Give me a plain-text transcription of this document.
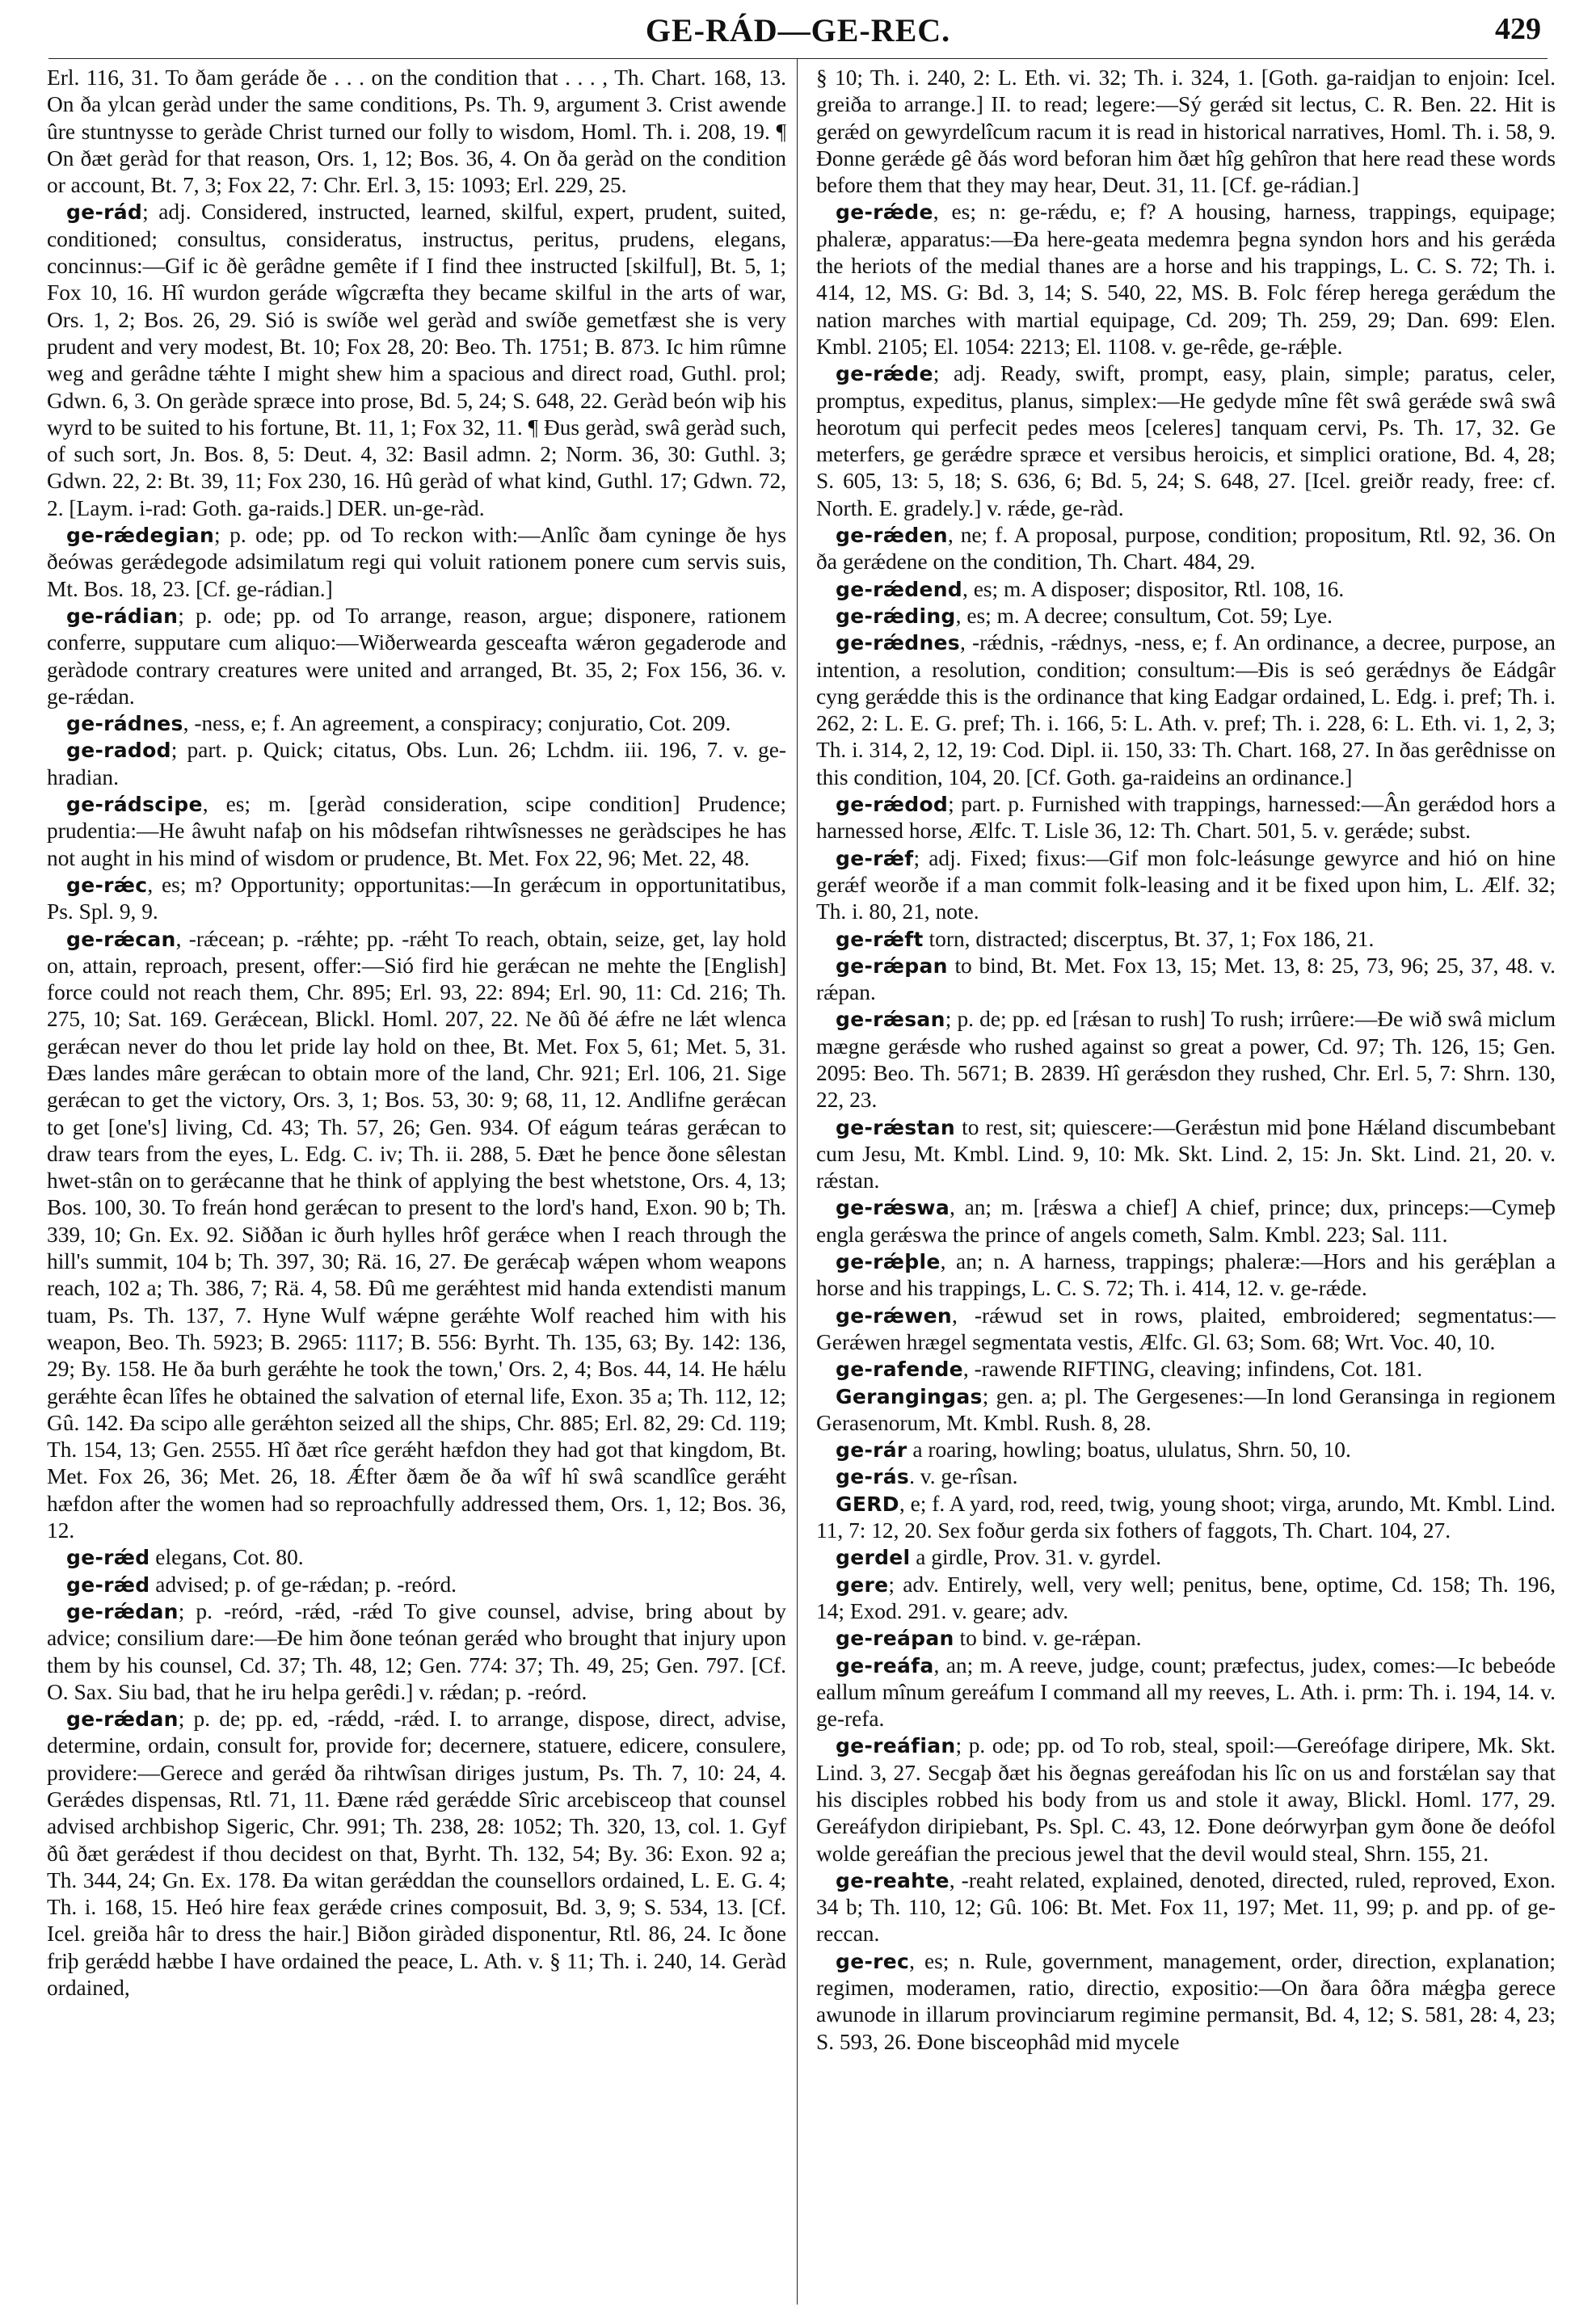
GE-RÁD—GE-REC.	429

Erl. 116, 31. To ðam geráde ðe . . . on the condition that . . . , Th. Chart. 168, 13. On ða ylcan geràd under the same conditions, Ps. Th. 9, argument 3. Crist awende ûre stuntnysse to geràde Christ turned our folly to wisdom, Homl. Th. i. 208, 19. ¶ On ðæt geràd for that reason, Ors. 1, 12; Bos. 36, 4. On ða geràd on the condition or account, Bt. 7, 3; Fox 22, 7: Chr. Erl. 3, 15: 1093; Erl. 229, 25.

ge-rád; adj. Considered, instructed, learned, skilful, expert, prudent, suited, conditioned; consultus, consideratus, instructus, peritus, prudens, elegans, concinnus:—Gif ic ðè gerâdne gemête if I find thee instructed [skilful], Bt. 5, 1; Fox 10, 16. Hî wurdon geráde wîgcræfta they became skilful in the arts of war, Ors. 1, 2; Bos. 26, 29. Sió is swíðe wel geràd and swíðe gemetfæst she is very prudent and very modest, Bt. 10; Fox 28, 20: Beo. Th. 1751; B. 873. Ic him rûmne weg and gerâdne tǽhte I might shew him a spacious and direct road, Guthl. prol; Gdwn. 6, 3. On geràde spræce into prose, Bd. 5, 24; S. 648, 22. Geràd beón wiþ his wyrd to be suited to his fortune, Bt. 11, 1; Fox 32, 11. ¶ Ðus geràd, swâ geràd such, of such sort, Jn. Bos. 8, 5: Deut. 4, 32: Basil admn. 2; Norm. 36, 30: Guthl. 3; Gdwn. 22, 2: Bt. 39, 11; Fox 230, 16. Hû geràd of what kind, Guthl. 17; Gdwn. 72, 2. [Laym. i-rad: Goth. ga-raids.] DER. un-ge-ràd.

ge-rǽdegian; p. ode; pp. od To reckon with:—Anlîc ðam cyninge ðe hys ðeówas gerǽdegode adsimilatum regi qui voluit rationem ponere cum servis suis, Mt. Bos. 18, 23. [Cf. ge-rádian.]

ge-rádian; p. ode; pp. od To arrange, reason, argue; disponere, rationem conferre, supputare cum aliquo:—Wiðerwearda gesceafta wǽron gegaderode and geràdode contrary creatures were united and arranged, Bt. 35, 2; Fox 156, 36. v. ge-rǽdan.

ge-rádnes, -ness, e; f. An agreement, a conspiracy; conjuratio, Cot. 209.

ge-radod; part. p. Quick; citatus, Obs. Lun. 26; Lchdm. iii. 196, 7. v. ge-hradian.

ge-rádscipe, es; m. [geràd consideration, scipe condition] Prudence; prudentia:—He âwuht nafaþ on his môdsefan rihtwîsnesses ne geràdscipes he has not aught in his mind of wisdom or prudence, Bt. Met. Fox 22, 96; Met. 22, 48.

ge-rǽc, es; m? Opportunity; opportunitas:—In gerǽcum in opportunitatibus, Ps. Spl. 9, 9.

ge-rǽcan, -rǽcean; p. -rǽhte; pp. -rǽht To reach, obtain, seize, get, lay hold on, attain, reproach, present, offer:—Sió fird hie gerǽcan ne mehte the [English] force could not reach them, Chr. 895; Erl. 93, 22: 894; Erl. 90, 11: Cd. 216; Th. 275, 10; Sat. 169. Gerǽcean, Blickl. Homl. 207, 22. Ne ðû ðé ǽfre ne lǽt wlenca gerǽcan never do thou let pride lay hold on thee, Bt. Met. Fox 5, 61; Met. 5, 31. Ðæs landes mâre gerǽcan to obtain more of the land, Chr. 921; Erl. 106, 21. Sige gerǽcan to get the victory, Ors. 3, 1; Bos. 53, 30: 9; 68, 11, 12. Andlifne gerǽcan to get [one's] living, Cd. 43; Th. 57, 26; Gen. 934. Of eágum teáras gerǽcan to draw tears from the eyes, L. Edg. C. iv; Th. ii. 288, 5. Ðæt he þence ðone sêlestan hwet-stân on to gerǽcanne that he think of applying the best whetstone, Ors. 4, 13; Bos. 100, 30. To freán hond gerǽcan to present to the lord's hand, Exon. 90 b; Th. 339, 10; Gn. Ex. 92. Siððan ic ðurh hylles hrôf gerǽce when I reach through the hill's summit, 104 b; Th. 397, 30; Rä. 16, 27. Ðe gerǽcaþ wǽpen whom weapons reach, 102 a; Th. 386, 7; Rä. 4, 58. Ðû me gerǽhtest mid handa extendisti manum tuam, Ps. Th. 137, 7. Hyne Wulf wǽpne gerǽhte Wolf reached him with his weapon, Beo. Th. 5923; B. 2965: 1117; B. 556: Byrht. Th. 135, 63; By. 142: 136, 29; By. 158. He ða burh gerǽhte he took the town,' Ors. 2, 4; Bos. 44, 14. He hǽlu gerǽhte êcan lîfes he obtained the salvation of eternal life, Exon. 35 a; Th. 112, 12; Gû. 142. Ða scipo alle gerǽhton seized all the ships, Chr. 885; Erl. 82, 29: Cd. 119; Th. 154, 13; Gen. 2555. Hî ðæt rîce gerǽht hæfdon they had got that kingdom, Bt. Met. Fox 26, 36; Met. 26, 18. Ǽfter ðæm ðe ða wîf hî swâ scandlîce gerǽht hæfdon after the women had so reproachfully addressed them, Ors. 1, 12; Bos. 36, 12.

ge-rǽd elegans, Cot. 80.

ge-rǽd advised; p. of ge-rǽdan; p. -reórd.

ge-rǽdan; p. -reórd, -rǽd, -rǽd To give counsel, advise, bring about by advice; consilium dare:—Ðe him ðone teónan gerǽd who brought that injury upon them by his counsel, Cd. 37; Th. 48, 12; Gen. 774: 37; Th. 49, 25; Gen. 797. [Cf. O. Sax. Siu bad, that he iru helpa gerêdi.] v. rǽdan; p. -reórd.

ge-rǽdan; p. de; pp. ed, -rǽdd, -rǽd. I. to arrange, dispose, direct, advise, determine, ordain, consult for, provide for; decernere, statuere, edicere, consulere, providere:—Gerece and gerǽd ða rihtwîsan diriges justum, Ps. Th. 7, 10: 24, 4. Gerǽdes dispensas, Rtl. 71, 11. Ðæne rǽd gerǽdde Sîric arcebisceop that counsel advised archbishop Sigeric, Chr. 991; Th. 238, 28: 1052; Th. 320, 13, col. 1. Gyf ðû ðæt gerǽdest if thou decidest on that, Byrht. Th. 132, 54; By. 36: Exon. 92 a; Th. 344, 24; Gn. Ex. 178. Ða witan gerǽddan the counsellors ordained, L. E. G. 4; Th. i. 168, 15. Heó hire feax gerǽde crines composuit, Bd. 3, 9; S. 534, 13. [Cf. Icel. greiða hâr to dress the hair.] Biðon giràded disponentur, Rtl. 86, 24. Ic ðone friþ gerǽdd hæbbe I have ordained the peace, L. Ath. v. § 11; Th. i. 240, 14. Geràd ordained,

§ 10; Th. i. 240, 2: L. Eth. vi. 32; Th. i. 324, 1. [Goth. ga-raidjan to enjoin: Icel. greiða to arrange.] II. to read; legere:—Sý gerǽd sit lectus, C. R. Ben. 22. Hit is gerǽd on gewyrdelîcum racum it is read in historical narratives, Homl. Th. i. 58, 9. Ðonne gerǽde gê ðás word beforan him ðæt hîg gehîron that here read these words before them that they may hear, Deut. 31, 11. [Cf. ge-rádian.]

ge-rǽde, es; n: ge-rǽdu, e; f? A housing, harness, trappings, equipage; phaleræ, apparatus:—Ða here-geata medemra þegna syndon hors and his gerǽda the heriots of the medial thanes are a horse and his trappings, L. C. S. 72; Th. i. 414, 12, MS. G: Bd. 3, 14; S. 540, 22, MS. B. Folc férep herega gerǽdum the nation marches with martial equipage, Cd. 209; Th. 259, 29; Dan. 699: Elen. Kmbl. 2105; El. 1054: 2213; El. 1108. v. ge-rêde, ge-rǽþle.

ge-rǽde; adj. Ready, swift, prompt, easy, plain, simple; paratus, celer, promptus, expeditus, planus, simplex:—He gedyde mîne fêt swâ gerǽde swâ swâ heorotum qui perfecit pedes meos [celeres] tanquam cervi, Ps. Th. 17, 32. Ge meterfers, ge gerǽdre spræce et versibus heroicis, et simplici oratione, Bd. 4, 28; S. 605, 13: 5, 18; S. 636, 6; Bd. 5, 24; S. 648, 27. [Icel. greiðr ready, free: cf. North. E. gradely.] v. rǽde, ge-ràd.

ge-rǽden, ne; f. A proposal, purpose, condition; propositum, Rtl. 92, 36. On ða gerǽdene on the condition, Th. Chart. 484, 29.

ge-rǽdend, es; m. A disposer; dispositor, Rtl. 108, 16.

ge-rǽding, es; m. A decree; consultum, Cot. 59; Lye.

ge-rǽdnes, -rǽdnis, -rǽdnys, -ness, e; f. An ordinance, a decree, purpose, an intention, a resolution, condition; consultum:—Ðis is seó gerǽdnys ðe Eádgâr cyng gerǽdde this is the ordinance that king Eadgar ordained, L. Edg. i. pref; Th. i. 262, 2: L. E. G. pref; Th. i. 166, 5: L. Ath. v. pref; Th. i. 228, 6: L. Eth. vi. 1, 2, 3; Th. i. 314, 2, 12, 19: Cod. Dipl. ii. 150, 33: Th. Chart. 168, 27. In ðas gerêdnisse on this condition, 104, 20. [Cf. Goth. ga-raideins an ordinance.]

ge-rǽdod; part. p. Furnished with trappings, harnessed:—Ân gerǽdod hors a harnessed horse, Ælfc. T. Lisle 36, 12: Th. Chart. 501, 5. v. gerǽde; subst.

ge-rǽf; adj. Fixed; fixus:—Gif mon folc-leásunge gewyrce and hió on hine gerǽf weorðe if a man commit folk-leasing and it be fixed upon him, L. Ælf. 32; Th. i. 80, 21, note.

ge-rǽft torn, distracted; discerptus, Bt. 37, 1; Fox 186, 21.

ge-rǽpan to bind, Bt. Met. Fox 13, 15; Met. 13, 8: 25, 73, 96; 25, 37, 48. v. rǽpan.

ge-rǽsan; p. de; pp. ed [rǽsan to rush] To rush; irrûere:—Ðe wið swâ miclum mægne gerǽsde who rushed against so great a power, Cd. 97; Th. 126, 15; Gen. 2095: Beo. Th. 5671; B. 2839. Hî gerǽsdon they rushed, Chr. Erl. 5, 7: Shrn. 130, 22, 23.

ge-rǽstan to rest, sit; quiescere:—Gerǽstun mid þone Hǽland discumbebant cum Jesu, Mt. Kmbl. Lind. 9, 10: Mk. Skt. Lind. 2, 15: Jn. Skt. Lind. 21, 20. v. rǽstan.

ge-rǽswa, an; m. [rǽswa a chief] A chief, prince; dux, princeps:—Cymeþ engla gerǽswa the prince of angels cometh, Salm. Kmbl. 223; Sal. 111.

ge-rǽþle, an; n. A harness, trappings; phaleræ:—Hors and his gerǽþlan a horse and his trappings, L. C. S. 72; Th. i. 414, 12. v. ge-rǽde.

ge-rǽwen, -rǽwud set in rows, plaited, embroidered; segmentatus:—Gerǽwen hrægel segmentata vestis, Ælfc. Gl. 63; Som. 68; Wrt. Voc. 40, 10.

ge-rafende, -rawende RIFTING, cleaving; infindens, Cot. 181.

Gerangingas; gen. a; pl. The Gergesenes:—In lond Geransinga in regionem Gerasenorum, Mt. Kmbl. Rush. 8, 28.

ge-rár a roaring, howling; boatus, ululatus, Shrn. 50, 10.

ge-rás. v. ge-rîsan.

GERD, e; f. A yard, rod, reed, twig, young shoot; virga, arundo, Mt. Kmbl. Lind. 11, 7: 12, 20. Sex foður gerda six fothers of faggots, Th. Chart. 104, 27.

gerdel a girdle, Prov. 31. v. gyrdel.

gere; adv. Entirely, well, very well; penitus, bene, optime, Cd. 158; Th. 196, 14; Exod. 291. v. geare; adv.

ge-reápan to bind. v. ge-rǽpan.

ge-reáfa, an; m. A reeve, judge, count; præfectus, judex, comes:—Ic bebeóde eallum mînum gereáfum I command all my reeves, L. Ath. i. prm: Th. i. 194, 14. v. ge-refa.

ge-reáfian; p. ode; pp. od To rob, steal, spoil:—Gereófage diripere, Mk. Skt. Lind. 3, 27. Secgaþ ðæt his ðegnas gereáfodan his lîc on us and forstǽlan say that his disciples robbed his body from us and stole it away, Blickl. Homl. 177, 29. Gereáfydon diripiebant, Ps. Spl. C. 43, 12. Ðone deórwyrþan gym ðone ðe deófol wolde gereáfian the precious jewel that the devil would steal, Shrn. 155, 21.

ge-reahte, -reaht related, explained, denoted, directed, ruled, reproved, Exon. 34 b; Th. 110, 12; Gû. 106: Bt. Met. Fox 11, 197; Met. 11, 99; p. and pp. of ge-reccan.

ge-rec, es; n. Rule, government, management, order, direction, explanation; regimen, moderamen, ratio, directio, expositio:—On ðara ôðra mǽgþa gerece awunode in illarum provinciarum regimine permansit, Bd. 4, 12; S. 581, 28: 4, 23; S. 593, 26. Ðone bisceophâd mid mycele
